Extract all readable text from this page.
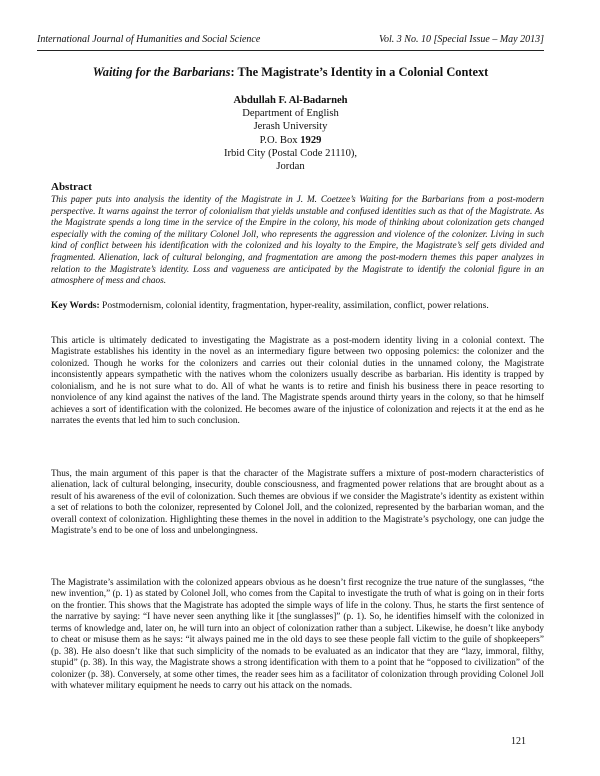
International Journal of Humanities and Social Science	Vol. 3 No. 10 [Special Issue – May 2013]
Waiting for the Barbarians: The Magistrate’s Identity in a Colonial Context
Abdullah F. Al-Badarneh
Department of English
Jerash University
P.O. Box 1929
Irbid City (Postal Code 21110),
Jordan
Abstract
This paper puts into analysis the identity of the Magistrate in J. M. Coetzee’s Waiting for the Barbarians from a post-modern perspective. It warns against the terror of colonialism that yields unstable and confused identities such as that of the Magistrate. As the Magistrate spends a long time in the service of the Empire in the colony, his mode of thinking about colonization gets changed especially with the coming of the military Colonel Joll, who represents the aggression and violence of the colonizer. Living in such kind of conflict between his identification with the colonized and his loyalty to the Empire, the Magistrate’s self gets divided and fragmented. Alienation, lack of cultural belonging, and fragmentation are among the post-modern themes this paper analyzes in relation to the Magistrate’s identity. Loss and vagueness are anticipated by the Magistrate to identify the colonial figure in an atmosphere of mess and chaos.
Key Words: Postmodernism, colonial identity, fragmentation, hyper-reality, assimilation, conflict, power relations.
This article is ultimately dedicated to investigating the Magistrate as a post-modern identity living in a colonial context. The Magistrate establishes his identity in the novel as an intermediary figure between two opposing polemics: the colonizer and the colonized. Though he works for the colonizers and carries out their colonial duties in the unnamed colony, the Magistrate inconsistently appears sympathetic with the natives whom the colonizers usually describe as barbarian. His identity is trapped by colonialism, and he is not sure what to do. All of what he wants is to retire and finish his business there in peace resorting to nonviolence of any kind against the natives of the land. The Magistrate spends around thirty years in the colony, so that he himself achieves a sort of identification with the colonized. He becomes aware of the injustice of colonization and rejects it at the end as he narrates the events that led him to such conclusion.
Thus, the main argument of this paper is that the character of the Magistrate suffers a mixture of post-modern characteristics of alienation, lack of cultural belonging, insecurity, double consciousness, and fragmented power relations that are brought about as a result of his awareness of the evil of colonization. Such themes are obvious if we consider the Magistrate’s identity as existent within a set of relations to both the colonizer, represented by Colonel Joll, and the colonized, represented by the barbarian woman, and the overall context of colonization. Highlighting these themes in the novel in addition to the Magistrate’s psychology, one can judge the Magistrate’s end to be one of loss and unbelongingness.
The Magistrate’s assimilation with the colonized appears obvious as he doesn’t first recognize the true nature of the sunglasses, “the new invention,” (p. 1) as stated by Colonel Joll, who comes from the Capital to investigate the truth of what is going on in their forts on the frontier. This shows that the Magistrate has adopted the simple ways of life in the colony. Thus, he starts the first sentence of the narrative by saying: “I have never seen anything like it [the sunglasses]” (p. 1). So, he identifies himself with the colonized in terms of knowledge and, later on, he will turn into an object of colonization rather than a subject. Likewise, he doesn’t like anybody to cheat or misuse them as he says: “it always pained me in the old days to see these people fall victim to the guile of shopkeepers” (p. 38). He also doesn’t like that such simplicity of the nomads to be evaluated as an indicator that they are “lazy, immoral, filthy, stupid” (p. 38). In this way, the Magistrate shows a strong identification with them to a point that he “opposed to civilization” of the colonizer (p. 38). Conversely, at some other times, the reader sees him as a facilitator of colonization through providing Colonel Joll with whatever military equipment he needs to carry out his attack on the nomads.
121
